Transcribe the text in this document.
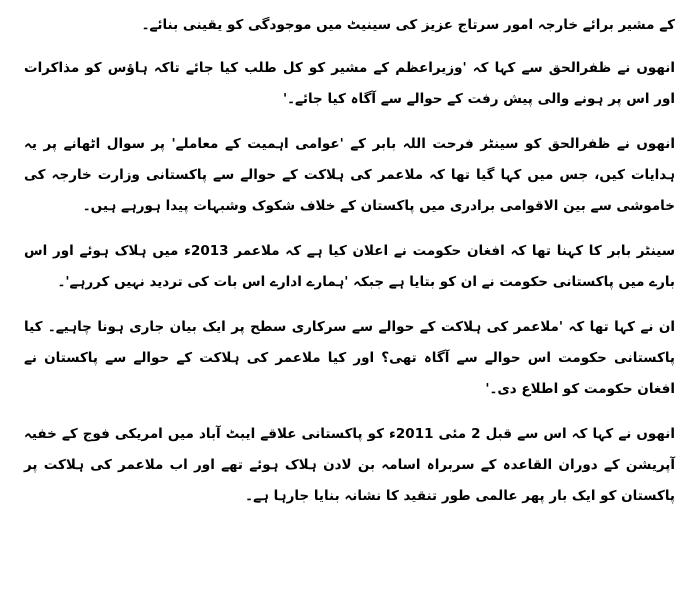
کے مشیر برائے خارجہ امور سرتاج عزیز کی سینیٹ میں موجودگی کو یقینی بنائے۔

انھوں نے ظفرالحق سے کہا کہ 'وزیراعظم کے مشیر کو کل طلب کیا جائے تاکہ ہاؤس کو مذاکرات اور اس پر ہونے والی پیش رفت کے حوالے سے آگاہ کیا جائے۔'

انھوں نے ظفرالحق کو سینٹر فرحت اللہ بابر کے 'عوامی اہمیت کے معاملے' پر سوال اٹھانے پر یہ ہدایات کیں، جس میں کہا گیا تھا کہ ملاعمر کی ہلاکت کے حوالے سے پاکستانی وزارت خارجہ کی خاموشی سے بین الاقوامی برادری میں پاکستان کے خلاف شکوک وشبہات پیدا ہورہے ہیں۔

سینٹر بابر کا کہنا تھا کہ افغان حکومت نے اعلان کیا ہے کہ ملاعمر 2013ء میں ہلاک ہوئے اور اس بارے میں پاکستانی حکومت نے ان کو بتایا ہے جبکہ 'ہمارے ادارے اس بات کی تردید نہیں کررہے'۔

ان نے کہا تھا کہ 'ملاعمر کی ہلاکت کے حوالے سے سرکاری سطح پر ایک بیان جاری ہونا چاہیے۔ کیا پاکستانی حکومت اس حوالے سے آگاہ تھی؟ اور کیا ملاعمر کی ہلاکت کے حوالے سے پاکستان نے افغان حکومت کو اطلاع دی۔'

انھوں نے کہا کہ اس سے قبل 2 مئی 2011ء کو پاکستانی علاقے ایبٹ آباد میں امریکی فوج کے خفیہ آپریشن کے دوران القاعدہ کے سربراہ اسامہ بن لادن ہلاک ہوئے تھے اور اب ملاعمر کی ہلاکت پر پاکستان کو ایک بار پھر عالمی طور تنقید کا نشانہ بنایا جارہا ہے۔
